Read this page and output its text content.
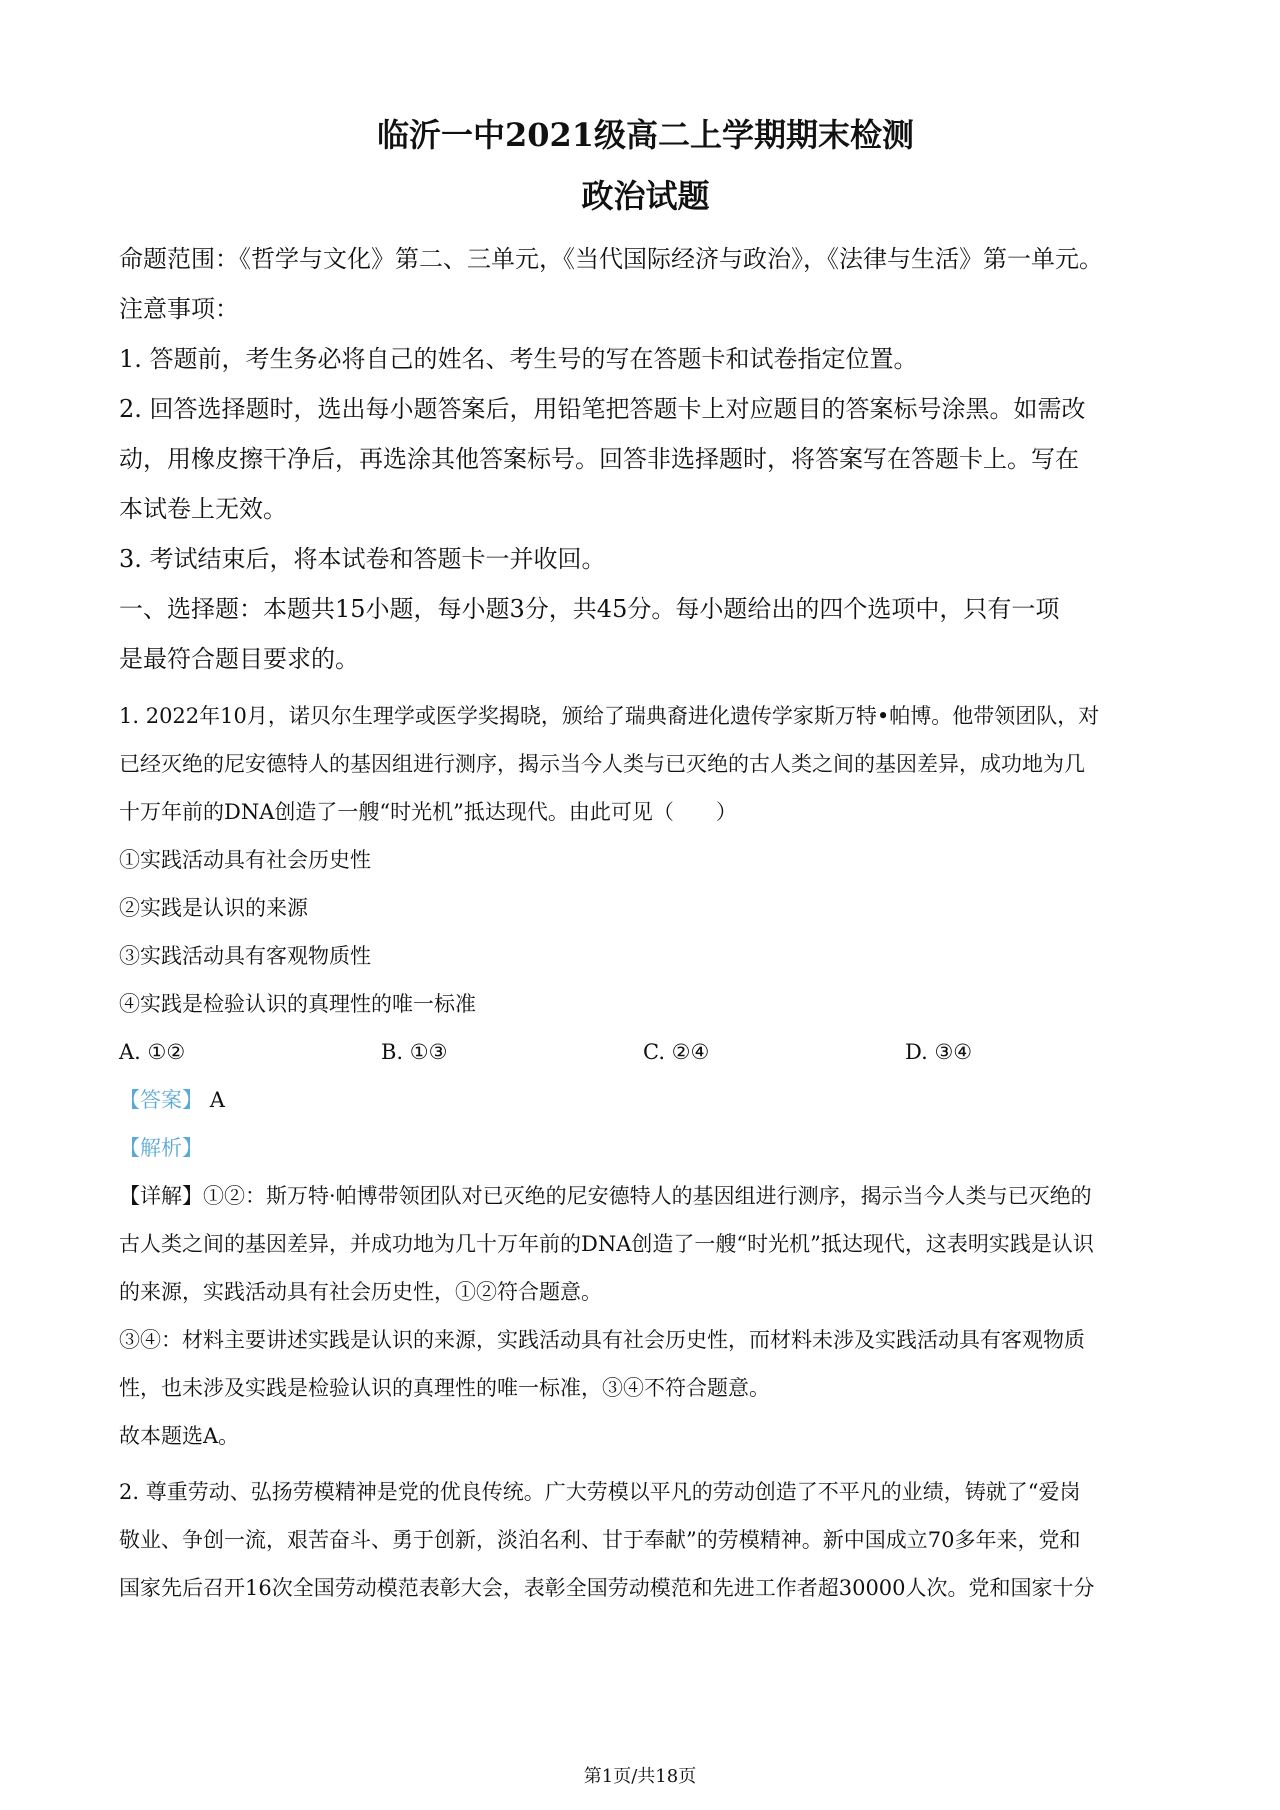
临沂一中2021级高二上学期期末检测
政治试题

命题范围：《哲学与文化》第二、三单元，《当代国际经济与政治》，《法律与生活》第一单元。

注意事项：

1. 答题前，考生务必将自己的姓名、考生号的写在答题卡和试卷指定位置。

2. 回答选择题时，选出每小题答案后，用铅笔把答题卡上对应题目的答案标号涂黑。如需改

动，用橡皮擦干净后，再选涂其他答案标号。回答非选择题时，将答案写在答题卡上。写在

本试卷上无效。

3. 考试结束后，将本试卷和答题卡一并收回。

一、选择题：本题共15小题，每小题3分，共45分。每小题给出的四个选项中，只有一项

是最符合题目要求的。

1. 2022年10月，诺贝尔生理学或医学奖揭晓，颁给了瑞典裔进化遗传学家斯万特•帕博。他带领团队，对

已经灭绝的尼安德特人的基因组进行测序，揭示当今人类与已灭绝的古人类之间的基因差异，成功地为几

十万年前的DNA创造了一艘“时光机”抵达现代。由此可见（　　）

①实践活动具有社会历史性

②实践是认识的来源

③实践活动具有客观物质性

④实践是检验认识的真理性的唯一标准

A. ①②	B. ①③	C. ②④	D. ③④

【答案】 A

【解析】

【详解】①②：斯万特·帕博带领团队对已灭绝的尼安德特人的基因组进行测序，揭示当今人类与已灭绝的

古人类之间的基因差异，并成功地为几十万年前的DNA创造了一艘“时光机”抵达现代，这表明实践是认识

的来源，实践活动具有社会历史性，①②符合题意。

③④：材料主要讲述实践是认识的来源，实践活动具有社会历史性，而材料未涉及实践活动具有客观物质

性，也未涉及实践是检验认识的真理性的唯一标准，③④不符合题意。

故本题选A。

2. 尊重劳动、弘扬劳模精神是党的优良传统。广大劳模以平凡的劳动创造了不平凡的业绩，铸就了“爱岗

敬业、争创一流，艰苦奋斗、勇于创新，淡泊名利、甘于奉献”的劳模精神。新中国成立70多年来，党和

国家先后召开16次全国劳动模范表彰大会，表彰全国劳动模范和先进工作者超30000人次。党和国家十分

第1页/共18页
